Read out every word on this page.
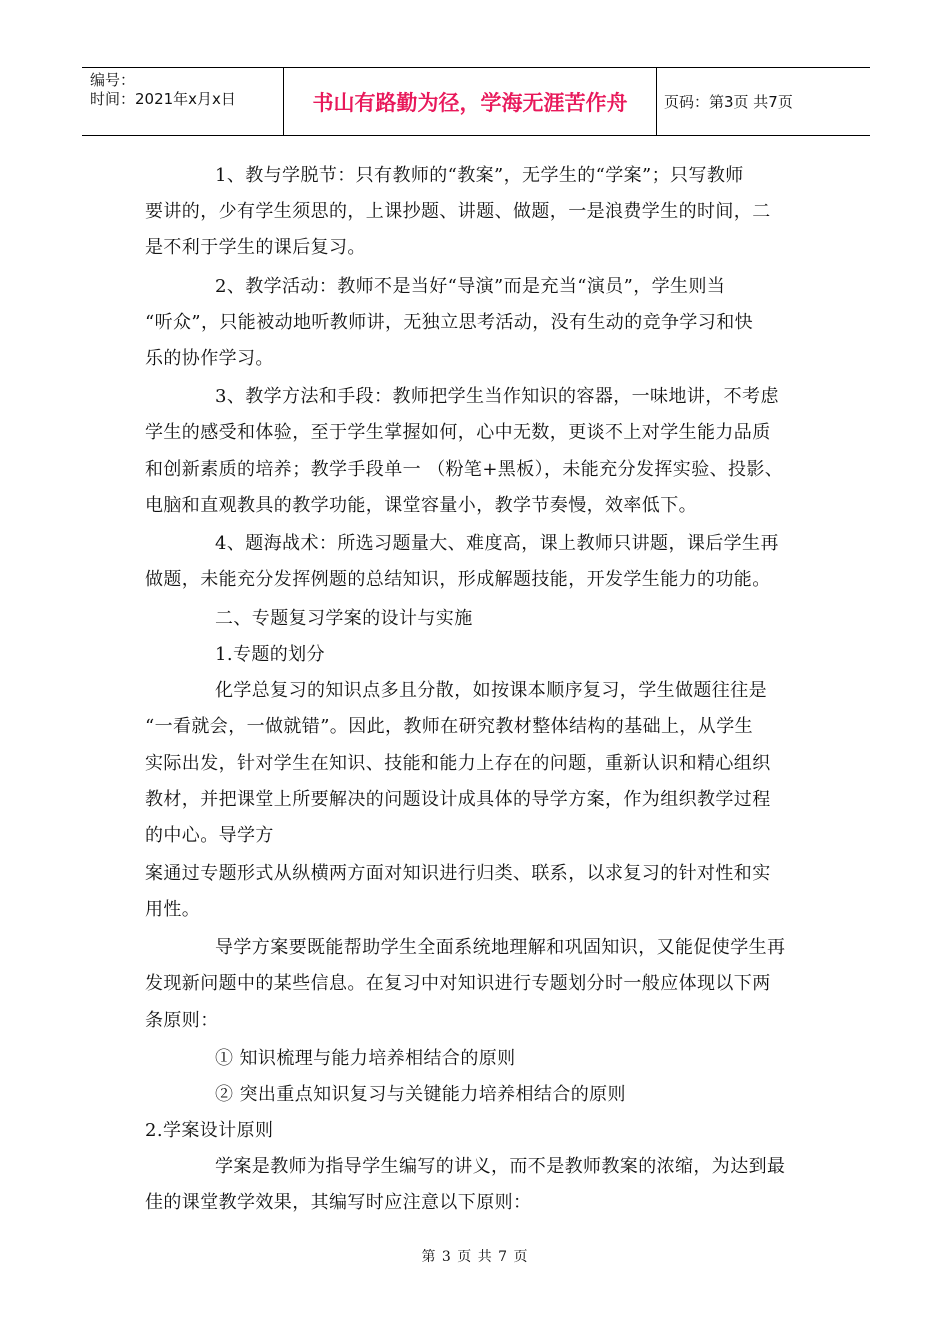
编号：
时间：2021年x月x日	书山有路勤为径，学海无涯苦作舟	页码：第3页 共7页
1、教与学脱节：只有教师的“教案”，无学生的“学案”；只写教师
要讲的，少有学生须思的，上课抄题、讲题、做题，一是浪费学生的时间，二
是不利于学生的课后复习。
2、教学活动：教师不是当好“导演”而是充当“演员”，学生则当
“听众”，只能被动地听教师讲，无独立思考活动，没有生动的竞争学习和快
乐的协作学习。
3、教学方法和手段：教师把学生当作知识的容器，一味地讲，不考虑
学生的感受和体验，至于学生掌握如何，心中无数，更谈不上对学生能力品质
和创新素质的培养；教学手段单一 （粉笔+黑板），未能充分发挥实验、投影、
电脑和直观教具的教学功能，课堂容量小，教学节奏慢，效率低下。
4、题海战术：所选习题量大、难度高，课上教师只讲题，课后学生再
做题，未能充分发挥例题的总结知识，形成解题技能，开发学生能力的功能。
二、专题复习学案的设计与实施
1.专题的划分
化学总复习的知识点多且分散，如按课本顺序复习，学生做题往往是
“一看就会，一做就错”。因此，教师在研究教材整体结构的基础上，从学生
实际出发，针对学生在知识、技能和能力上存在的问题，重新认识和精心组织
教材，并把课堂上所要解决的问题设计成具体的导学方案，作为组织教学过程
的中心。导学方
案通过专题形式从纵横两方面对知识进行归类、联系，以求复习的针对性和实
用性。
导学方案要既能帮助学生全面系统地理解和巩固知识，又能促使学生再
发现新问题中的某些信息。在复习中对知识进行专题划分时一般应体现以下两
条原则：
① 知识梳理与能力培养相结合的原则
② 突出重点知识复习与关键能力培养相结合的原则
2.学案设计原则
学案是教师为指导学生编写的讲义，而不是教师教案的浓缩，为达到最
佳的课堂教学效果，其编写时应注意以下原则：
第 3 页 共 7 页
